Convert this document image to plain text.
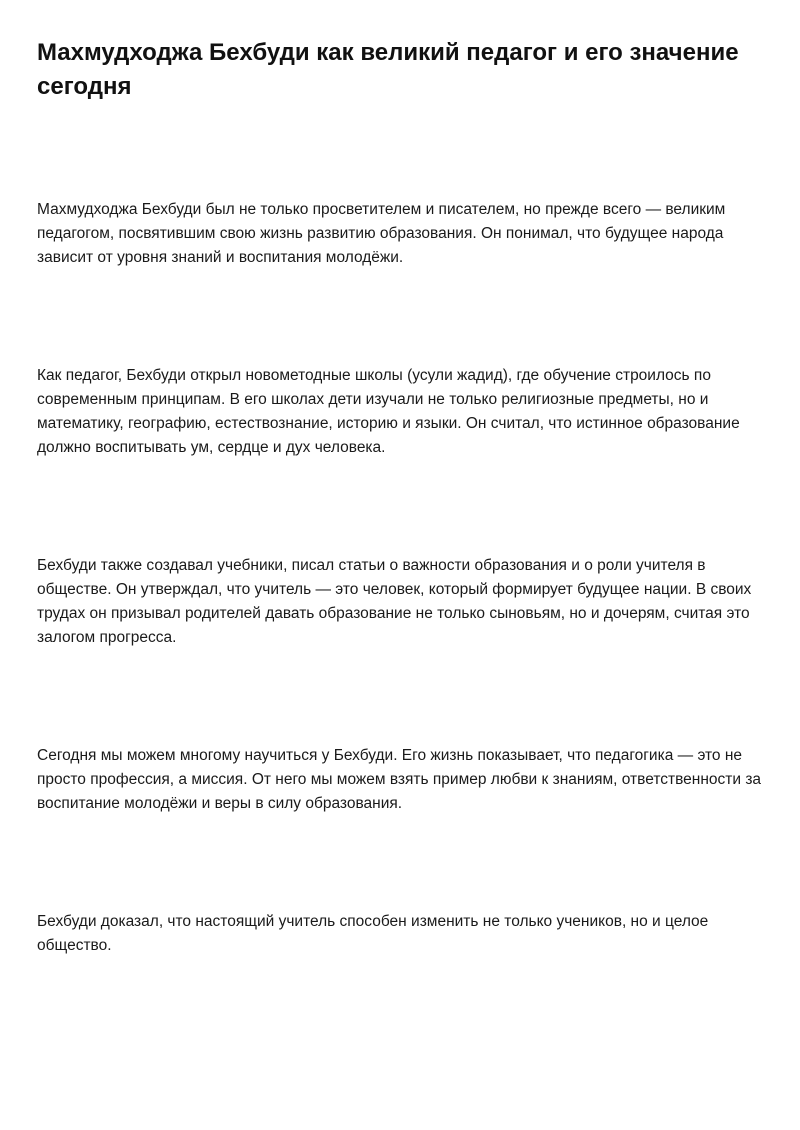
Махмудходжа Бехбуди как великий педагог и его значение сегодня

Махмудходжа Бехбуди был не только просветителем и писателем, но прежде всего — великим педагогом, посвятившим свою жизнь развитию образования. Он понимал, что будущее народа зависит от уровня знаний и воспитания молодёжи.

Как педагог, Бехбуди открыл новометодные школы (усули жадид), где обучение строилось по современным принципам. В его школах дети изучали не только религиозные предметы, но и математику, географию, естествознание, историю и языки. Он считал, что истинное образование должно воспитывать ум, сердце и дух человека.

Бехбуди также создавал учебники, писал статьи о важности образования и о роли учителя в обществе. Он утверждал, что учитель — это человек, который формирует будущее нации. В своих трудах он призывал родителей давать образование не только сыновьям, но и дочерям, считая это залогом прогресса.

Сегодня мы можем многому научиться у Бехбуди. Его жизнь показывает, что педагогика — это не просто профессия, а миссия. От него мы можем взять пример любви к знаниям, ответственности за воспитание молодёжи и веры в силу образования.

Бехбуди доказал, что настоящий учитель способен изменить не только учеников, но и целое общество.
